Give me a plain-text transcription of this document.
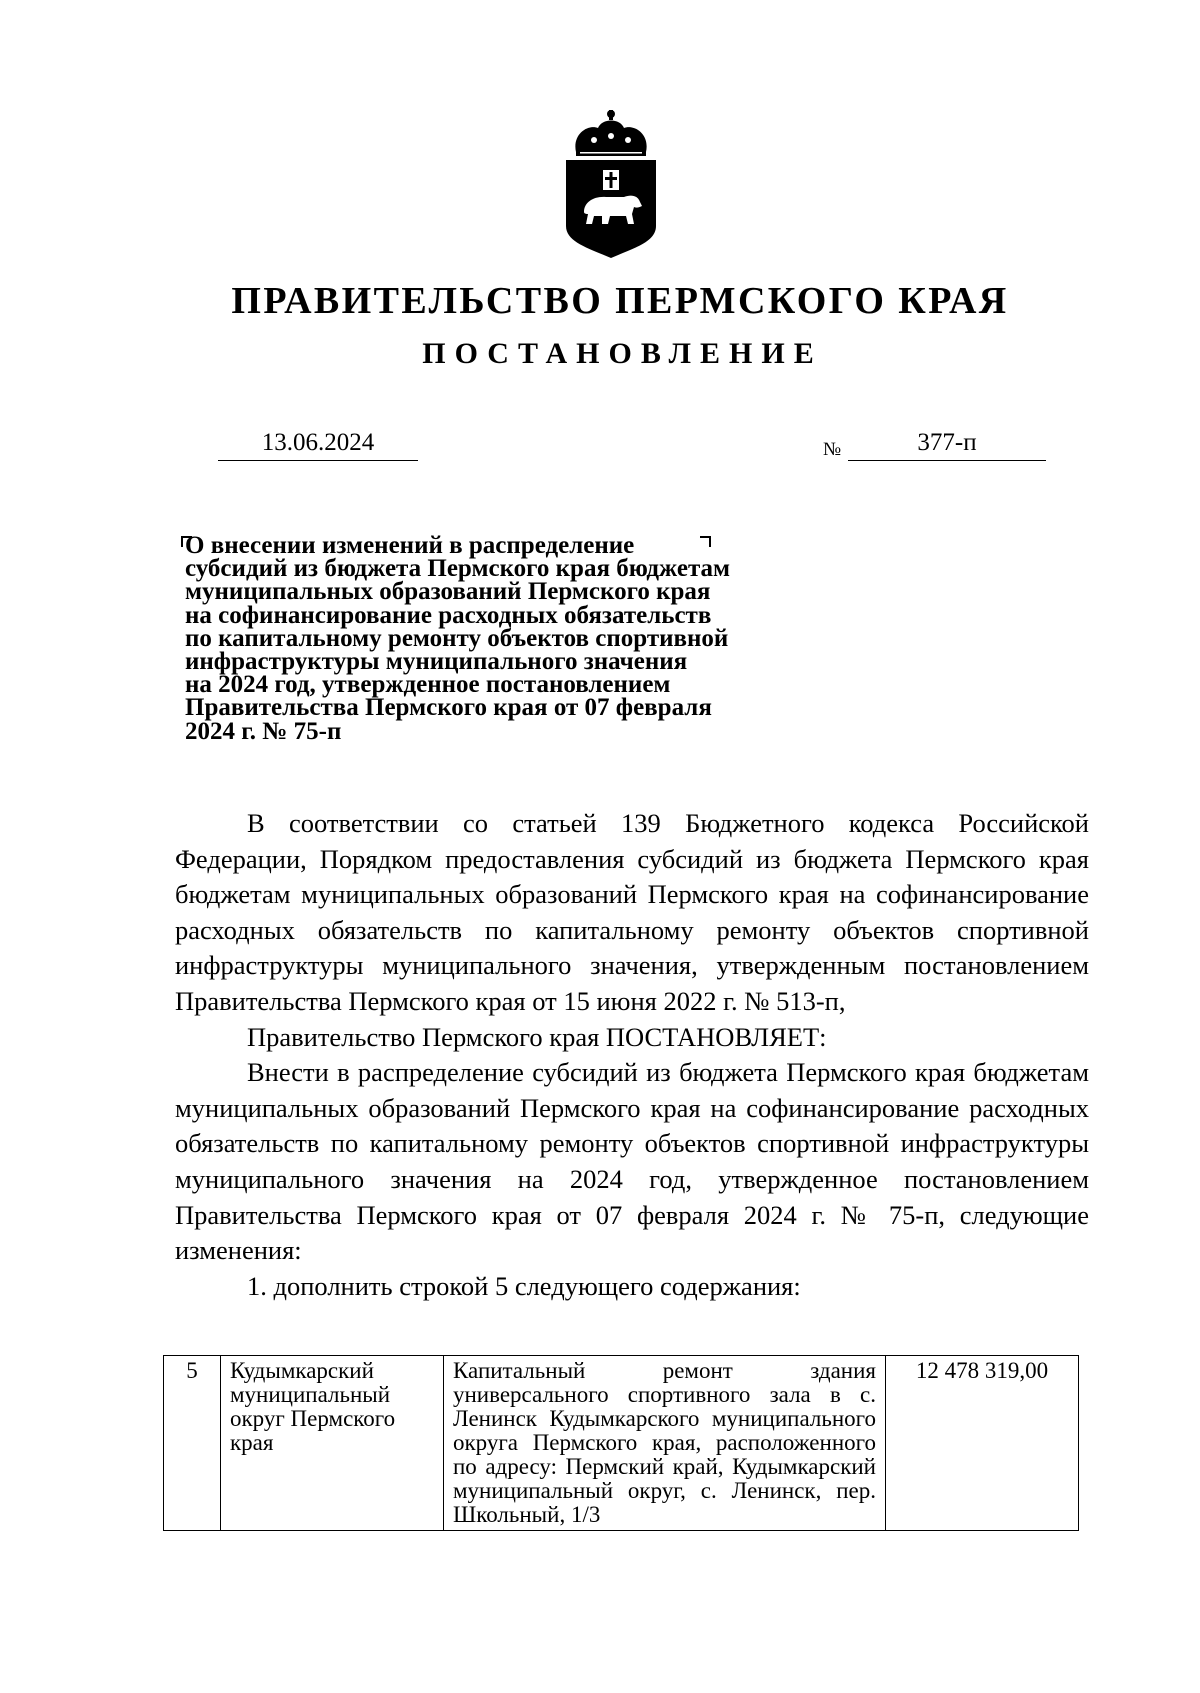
ПРАВИТЕЛЬСТВО ПЕРМСКОГО КРАЯ
ПОСТАНОВЛЕНИЕ
13.06.2024	№	377-п
О внесении изменений в распределение
субсидий из бюджета Пермского края бюджетам
муниципальных образований Пермского края
на софинансирование расходных обязательств
по капитальному ремонту объектов спортивной
инфраструктуры муниципального значения
на 2024 год, утвержденное постановлением
Правительства Пермского края от 07 февраля
2024 г. № 75-п

В соответствии со статьей 139 Бюджетного кодекса Российской Федерации, Порядком предоставления субсидий из бюджета Пермского края бюджетам муниципальных образований Пермского края на софинансирование расходных обязательств по капитальному ремонту объектов спортивной инфраструктуры муниципального значения, утвержденным постановлением Правительства Пермского края от 15 июня 2022 г. № 513-п,

Правительство Пермского края ПОСТАНОВЛЯЕТ:

Внести в распределение субсидий из бюджета Пермского края бюджетам муниципальных образований Пермского края на софинансирование расходных обязательств по капитальному ремонту объектов спортивной инфраструктуры муниципального значения на 2024 год, утвержденное постановлением Правительства Пермского края от 07 февраля 2024 г. № 75-п, следующие изменения:

1. дополнить строкой 5 следующего содержания:

5	Кудымкарский муниципальный округ Пермского края	Капитальный ремонт здания универсального спортивного зала в с. Ленинск Кудымкарского муниципального округа Пермского края, расположенного по адресу: Пермский край, Кудымкарский муниципальный округ, с. Ленинск, пер. Школьный, 1/3	12 478 319,00
